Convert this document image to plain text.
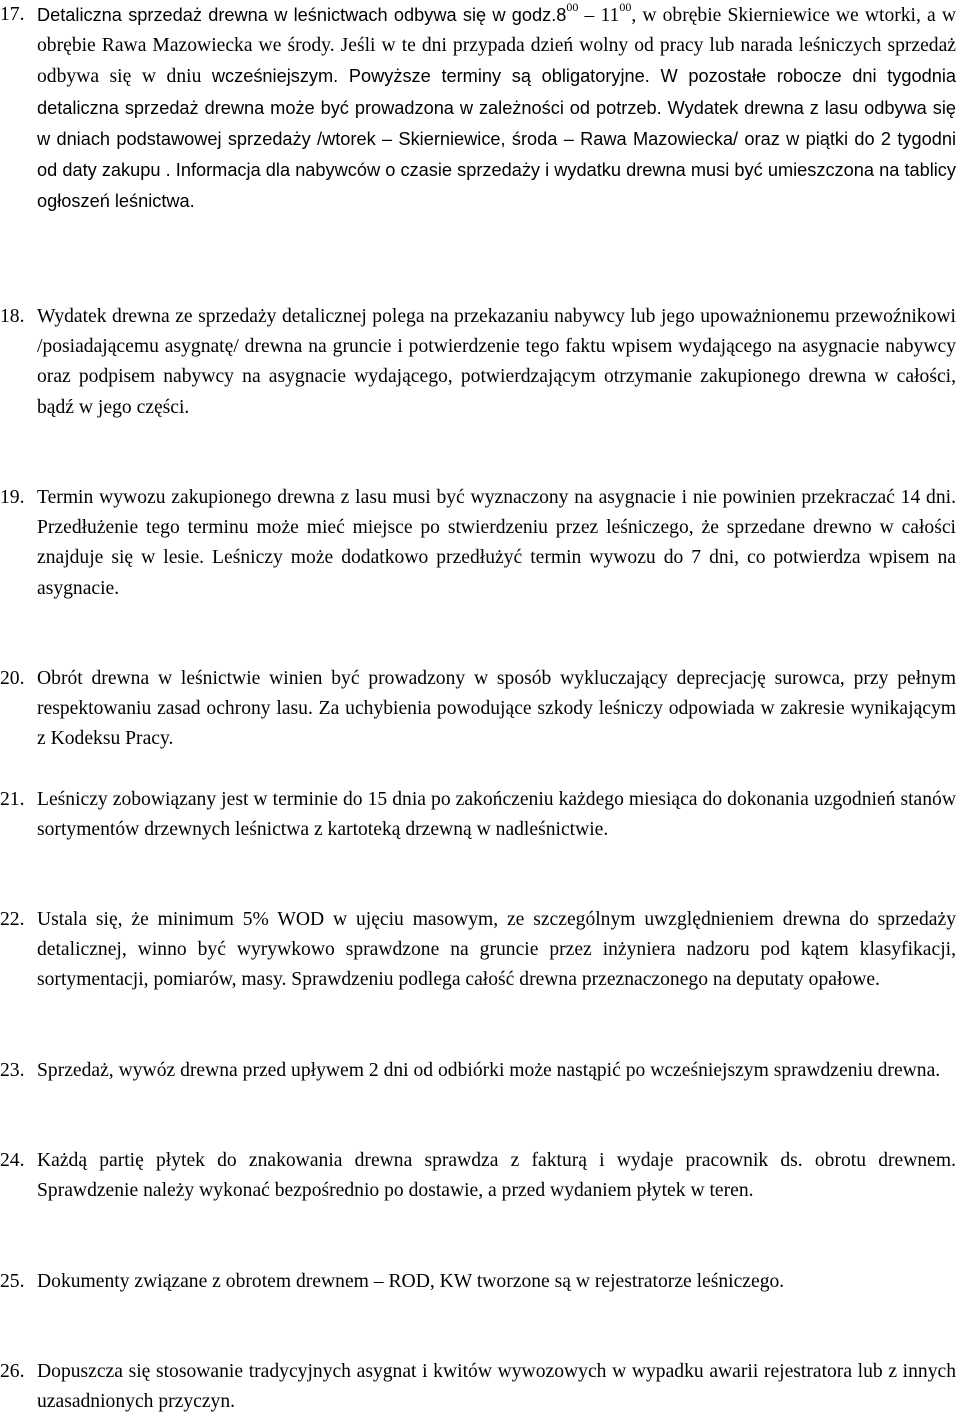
17. Detaliczna sprzedaż drewna w leśnictwach odbywa się w $godz.8^{00} - 11^{00}$, w obrębie Skierniewice we wtorki, a w obrębie Rawa Mazowiecka we środy. Jeśli w te dni przypada dzień wolny od pracy lub narada leśniczych sprzedaż odbywa się w dniu wcześniejszym. Powyższe terminy są obligatoryjne. W pozostałe robocze dni tygodnia detaliczna sprzedaż drewna może być prowadzona w zależności od potrzeb. Wydatek drewna z lasu odbywa się w dniach podstawowej sprzedaży /wtorek – Skierniewice, środa – Rawa Mazowiecka/ oraz w piątki do 2 tygodni od daty zakupu . Informacja dla nabywców o czasie sprzedaży i wydatku drewna musi być umieszczona na tablicy ogłoszeń leśnictwa.
18. Wydatek drewna ze sprzedaży detalicznej polega na przekazaniu nabywcy lub jego upoważnionemu przewoźnikowi /posiadającemu asygnatę/ drewna na gruncie i potwierdzenie tego faktu wpisem wydającego na asygnacie nabywcy oraz podpisem nabywcy na asygnacie wydającego, potwierdzającym otrzymanie zakupionego drewna w całości, bądź w jego części.
19. Termin wywozu zakupionego drewna z lasu musi być wyznaczony na asygnacie i nie powinien przekraczać 14 dni. Przedłużenie tego terminu może mieć miejsce po stwierdzeniu przez leśniczego, że sprzedane drewno w całości znajduje się w lesie. Leśniczy może dodatkowo przedłużyć termin wywozu do 7 dni, co potwierdza wpisem na asygnacie.
20. Obrót drewna w leśnictwie winien być prowadzony w sposób wykluczający deprecjację surowca, przy pełnym respektowaniu zasad ochrony lasu. Za uchybienia powodujące szkody leśniczy odpowiada w zakresie wynikającym z Kodeksu Pracy.
21. Leśniczy zobowiązany jest w terminie do 15 dnia po zakończeniu każdego miesiąca do dokonania uzgodnień stanów sortymentów drzewnych leśnictwa z kartoteką drzewną w nadleśnictwie.
22. Ustala się, że minimum 5% WOD w ujęciu masowym, ze szczególnym uwzględnieniem drewna do sprzedaży detalicznej, winno być wyrywkowo sprawdzone na gruncie przez inżyniera nadzoru pod kątem klasyfikacji, sortymentacji, pomiarów, masy. Sprawdzeniu podlega całość drewna przeznaczonego na deputaty opałowe.
23. Sprzedaż, wywóz drewna przed upływem 2 dni od odbiórki może nastąpić po wcześniejszym sprawdzeniu drewna.
24. Każdą partię płytek do znakowania drewna sprawdza z fakturą i wydaje pracownik ds. obrotu drewnem. Sprawdzenie należy wykonać bezpośrednio po dostawie, a przed wydaniem płytek w teren.
25. Dokumenty związane z obrotem drewnem – ROD, KW tworzone są w rejestratorze leśniczego.
26. Dopuszcza się stosowanie tradycyjnych asygnat i kwitów wywozowych w wypadku awarii rejestratora lub z innych uzasadnionych przyczyn.
